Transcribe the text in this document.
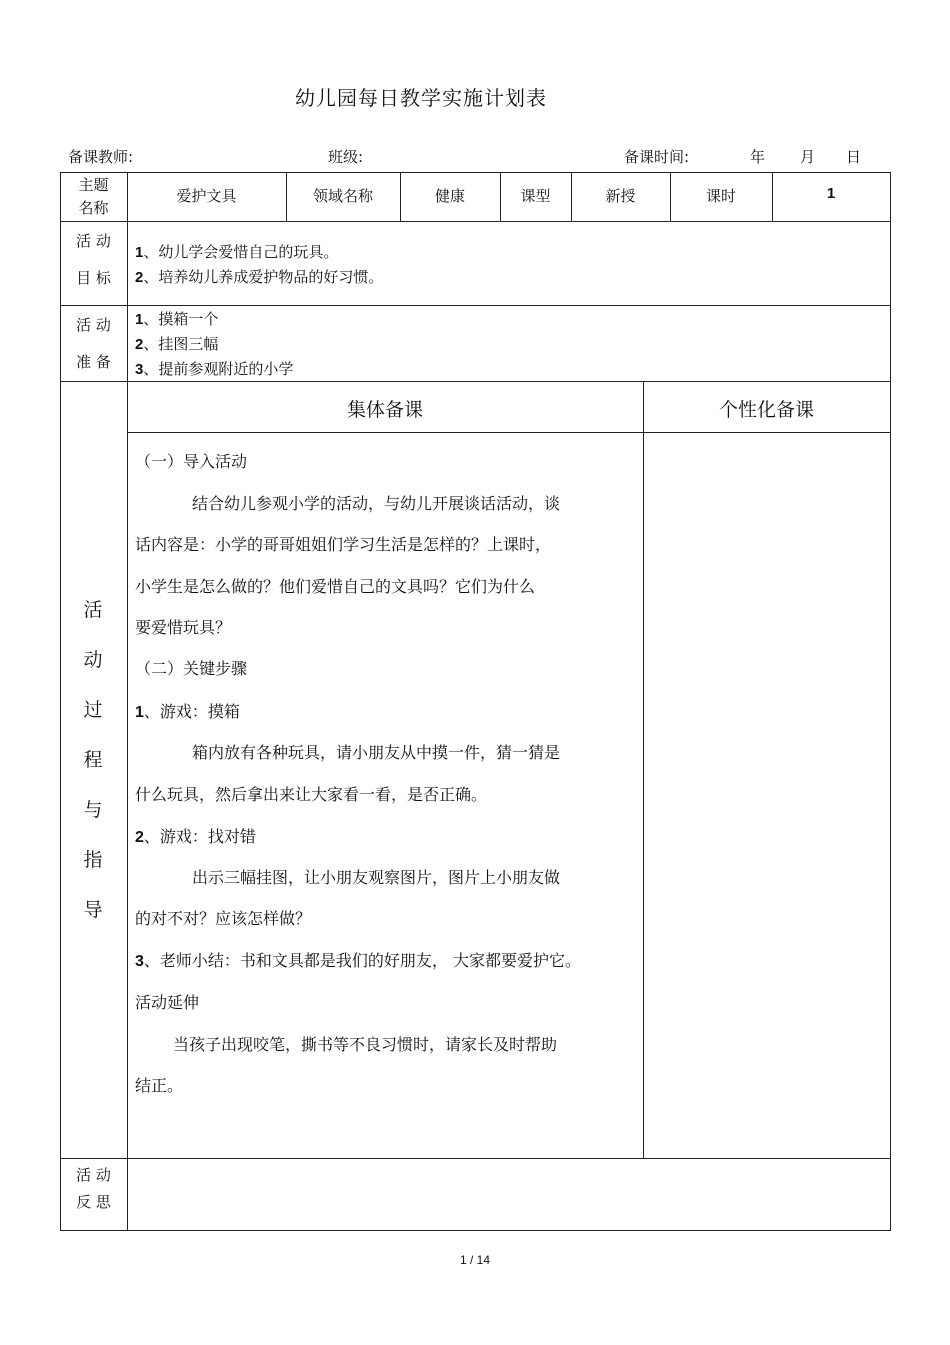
幼儿园每日教学实施计划表
备课教师:	班级:	备课时间:	年 月 日
主题
名称
爱护文具	领域名称	健康	课型	新授	课时	1
活 动
目 标
1、幼儿学会爱惜自己的玩具。
2、培养幼儿养成爱护物品的好习惯。
活 动
准 备
1、摸箱一个
2、挂图三幅
3、提前参观附近的小学
集体备课	个性化备课
活
动
过
程
与
指
导
（一）导入活动
结合幼儿参观小学的活动，与幼儿开展谈话活动，谈
话内容是：小学的哥哥姐姐们学习生活是怎样的？上课时，
小学生是怎么做的？他们爱惜自己的文具吗？它们为什么
要爱惜玩具？
（二）关键步骤
1、游戏：摸箱
箱内放有各种玩具，请小朋友从中摸一件，猜一猜是
什么玩具，然后拿出来让大家看一看，是否正确。
2、游戏：找对错
出示三幅挂图，让小朋友观察图片，图片上小朋友做
的对不对？应该怎样做？
3、老师小结：书和文具都是我们的好朋友， 大家都要爱护它。
活动延伸
当孩子出现咬笔，撕书等不良习惯时，请家长及时帮助
结正。
活 动
反 思
1 / 14
